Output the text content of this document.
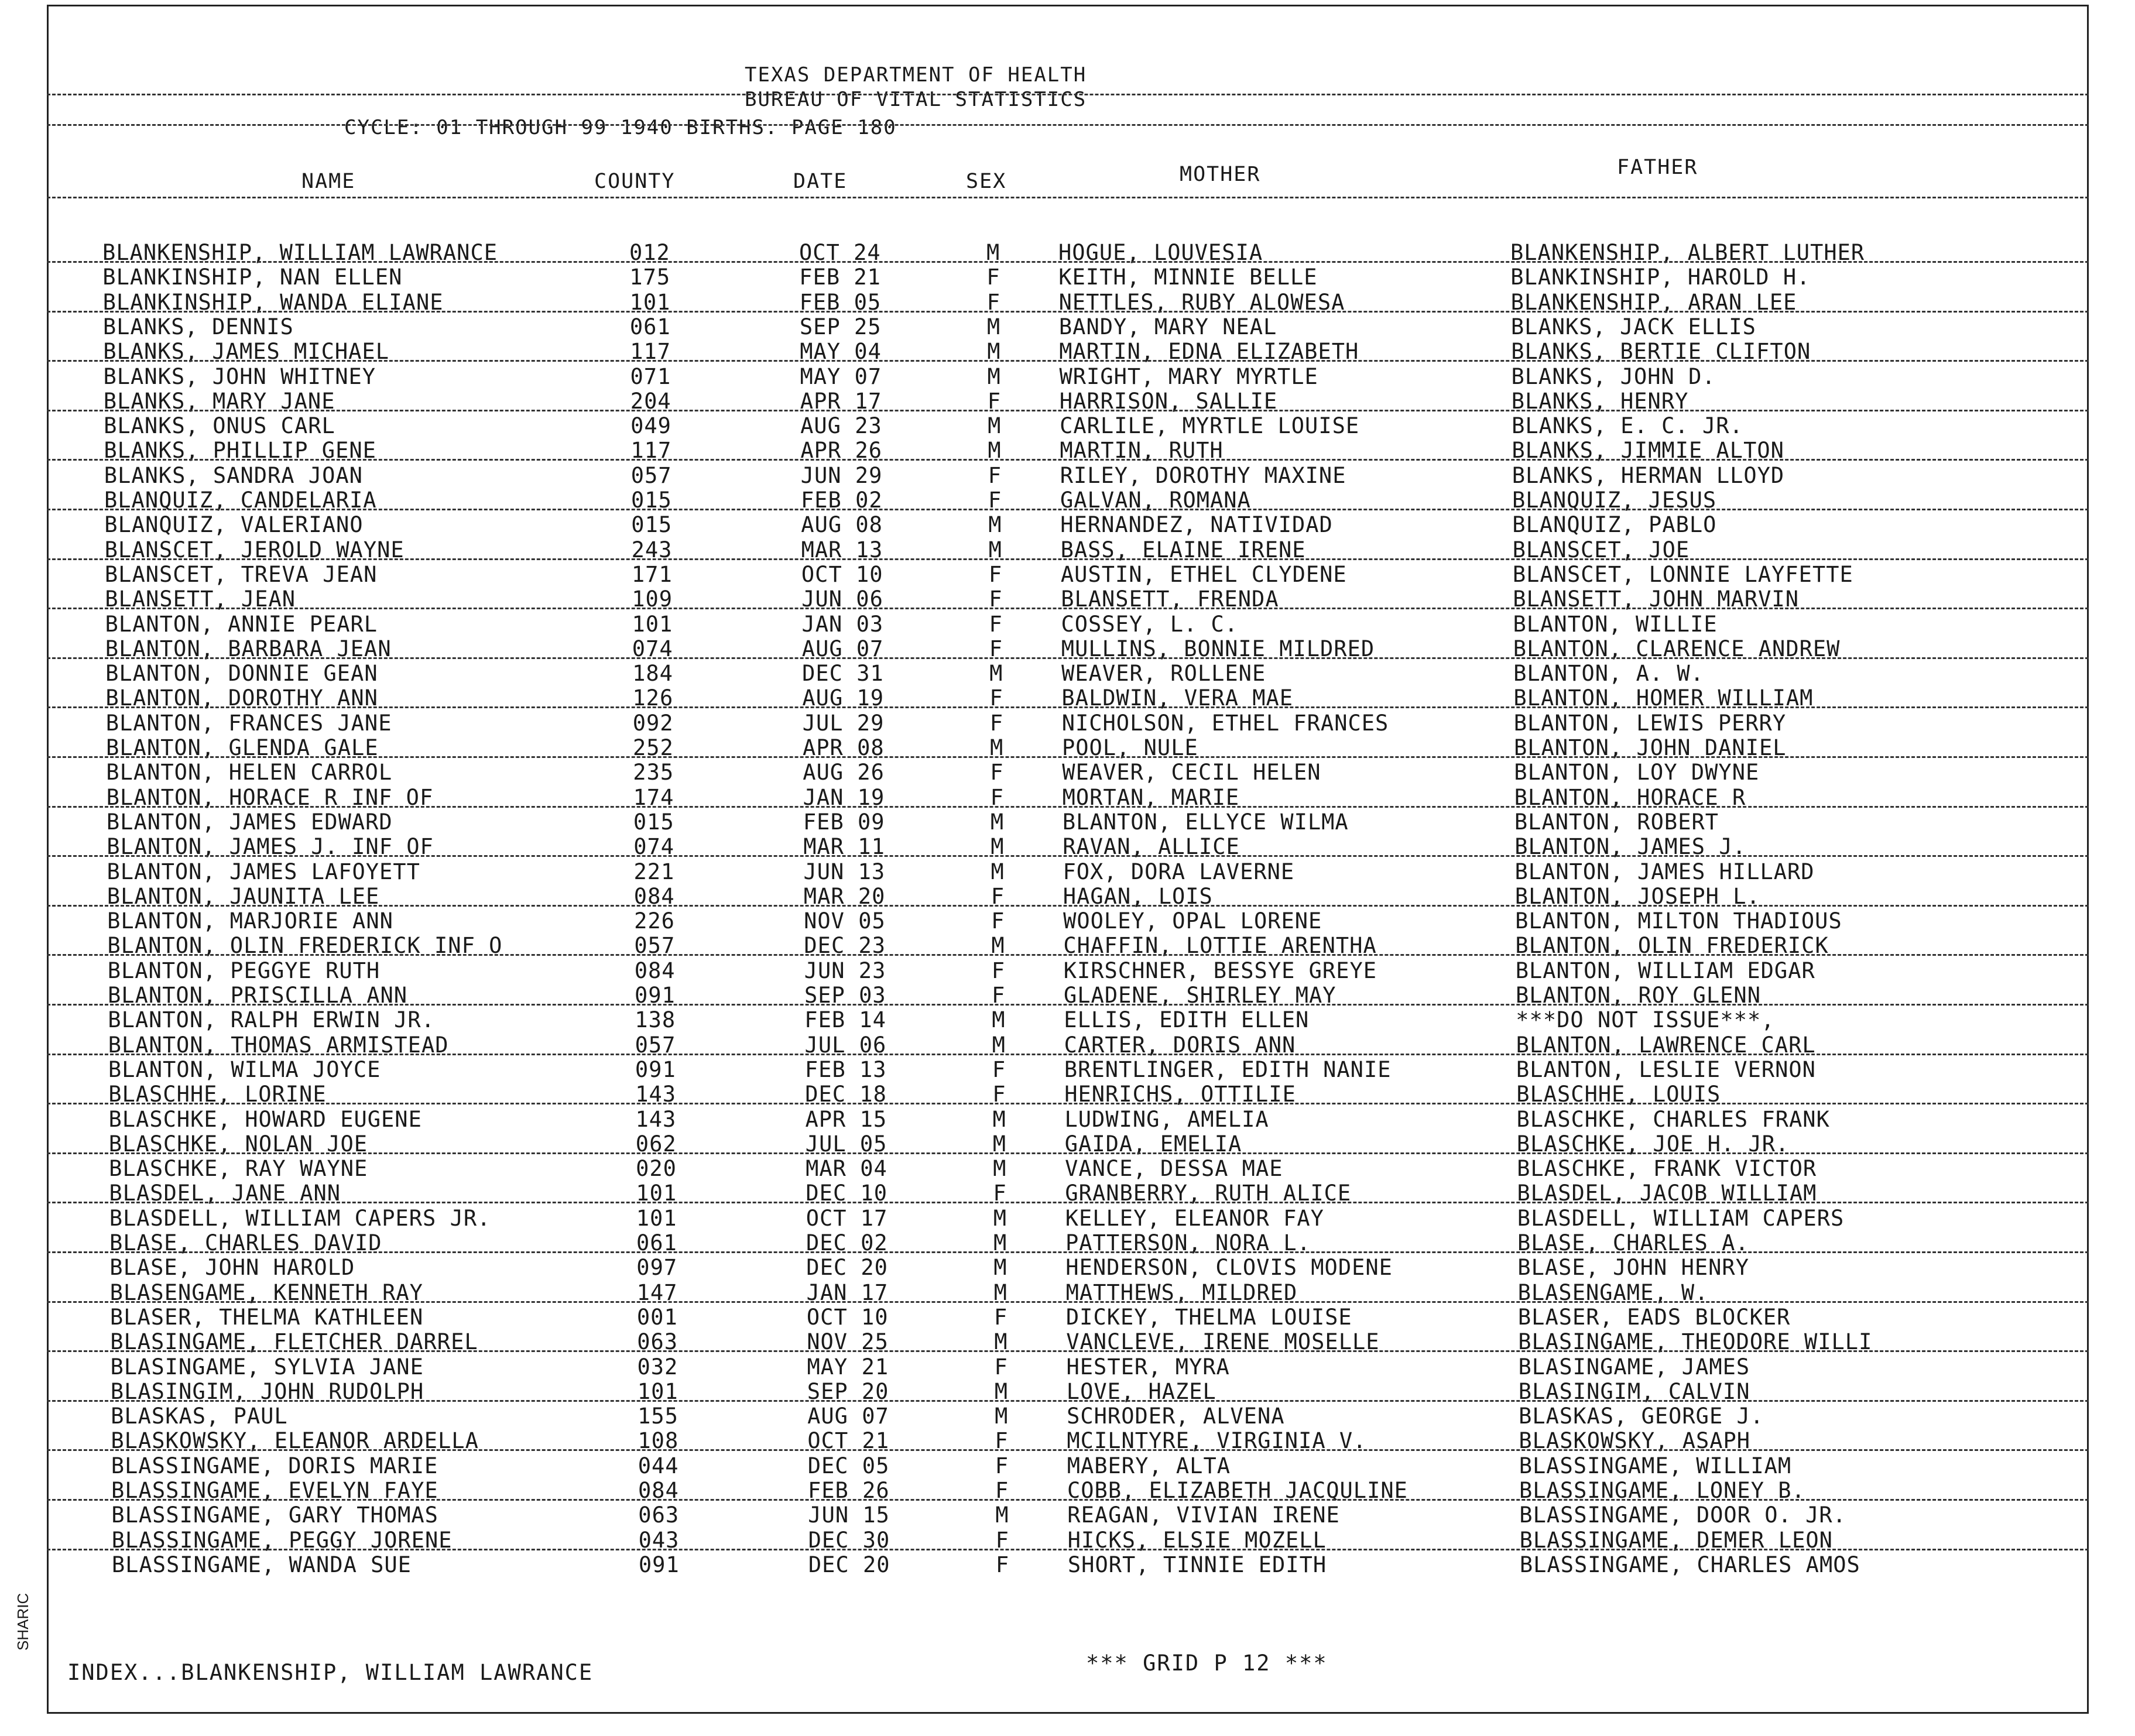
TEXAS DEPARTMENT OF HEALTH
BUREAU OF VITAL STATISTICS
CYCLE: 01 THROUGH 99 1940 BIRTHS. PAGE 180
NAME	COUNTY	DATE	SEX	MOTHER	FATHER
BLANKENSHIP, WILLIAM LAWRANCE	012	OCT 24	M	HOGUE, LOUVESIA	BLANKENSHIP, ALBERT LUTHER
BLANKINSHIP, NAN ELLEN	175	FEB 21	F	KEITH, MINNIE BELLE	BLANKINSHIP, HAROLD H.
BLANKINSHIP, WANDA ELIANE	101	FEB 05	F	NETTLES, RUBY ALOWESA	BLANKENSHIP, ARAN LEE
BLANKS, DENNIS	061	SEP 25	M	BANDY, MARY NEAL	BLANKS, JACK ELLIS
BLANKS, JAMES MICHAEL	117	MAY 04	M	MARTIN, EDNA ELIZABETH	BLANKS, BERTIE CLIFTON
BLANKS, JOHN WHITNEY	071	MAY 07	M	WRIGHT, MARY MYRTLE	BLANKS, JOHN D.
BLANKS, MARY JANE	204	APR 17	F	HARRISON, SALLIE	BLANKS, HENRY
BLANKS, ONUS CARL	049	AUG 23	M	CARLILE, MYRTLE LOUISE	BLANKS, E. C. JR.
BLANKS, PHILLIP GENE	117	APR 26	M	MARTIN, RUTH	BLANKS, JIMMIE ALTON
BLANKS, SANDRA JOAN	057	JUN 29	F	RILEY, DOROTHY MAXINE	BLANKS, HERMAN LLOYD
BLANQUIZ, CANDELARIA	015	FEB 02	F	GALVAN, ROMANA	BLANQUIZ, JESUS
BLANQUIZ, VALERIANO	015	AUG 08	M	HERNANDEZ, NATIVIDAD	BLANQUIZ, PABLO
BLANSCET, JEROLD WAYNE	243	MAR 13	M	BASS, ELAINE IRENE	BLANSCET, JOE
BLANSCET, TREVA JEAN	171	OCT 10	F	AUSTIN, ETHEL CLYDENE	BLANSCET, LONNIE LAYFETTE
BLANSETT, JEAN	109	JUN 06	F	BLANSETT, FRENDA	BLANSETT, JOHN MARVIN
BLANTON, ANNIE PEARL	101	JAN 03	F	COSSEY, L. C.	BLANTON, WILLIE
BLANTON, BARBARA JEAN	074	AUG 07	F	MULLINS, BONNIE MILDRED	BLANTON, CLARENCE ANDREW
BLANTON, DONNIE GEAN	184	DEC 31	M	WEAVER, ROLLENE	BLANTON, A. W.
BLANTON, DOROTHY ANN	126	AUG 19	F	BALDWIN, VERA MAE	BLANTON, HOMER WILLIAM
BLANTON, FRANCES JANE	092	JUL 29	F	NICHOLSON, ETHEL FRANCES	BLANTON, LEWIS PERRY
BLANTON, GLENDA GALE	252	APR 08	M	POOL, NULE	BLANTON, JOHN DANIEL
BLANTON, HELEN CARROL	235	AUG 26	F	WEAVER, CECIL HELEN	BLANTON, LOY DWYNE
BLANTON, HORACE R INF OF	174	JAN 19	F	MORTAN, MARIE	BLANTON, HORACE R
BLANTON, JAMES EDWARD	015	FEB 09	M	BLANTON, ELLYCE WILMA	BLANTON, ROBERT
BLANTON, JAMES J. INF OF	074	MAR 11	M	RAVAN, ALLICE	BLANTON, JAMES J.
BLANTON, JAMES LAFOYETT	221	JUN 13	M	FOX, DORA LAVERNE	BLANTON, JAMES HILLARD
BLANTON, JAUNITA LEE	084	MAR 20	F	HAGAN, LOIS	BLANTON, JOSEPH L.
BLANTON, MARJORIE ANN	226	NOV 05	F	WOOLEY, OPAL LORENE	BLANTON, MILTON THADIOUS
BLANTON, OLIN FREDERICK INF O	057	DEC 23	M	CHAFFIN, LOTTIE ARENTHA	BLANTON, OLIN FREDERICK
BLANTON, PEGGYE RUTH	084	JUN 23	F	KIRSCHNER, BESSYE GREYE	BLANTON, WILLIAM EDGAR
BLANTON, PRISCILLA ANN	091	SEP 03	F	GLADENE, SHIRLEY MAY	BLANTON, ROY GLENN
BLANTON, RALPH ERWIN JR.	138	FEB 14	M	ELLIS, EDITH ELLEN	***DO NOT ISSUE***,
BLANTON, THOMAS ARMISTEAD	057	JUL 06	M	CARTER, DORIS ANN	BLANTON, LAWRENCE CARL
BLANTON, WILMA JOYCE	091	FEB 13	F	BRENTLINGER, EDITH NANIE	BLANTON, LESLIE VERNON
BLASCHHE, LORINE	143	DEC 18	F	HENRICHS, OTTILIE	BLASCHHE, LOUIS
BLASCHKE, HOWARD EUGENE	143	APR 15	M	LUDWING, AMELIA	BLASCHKE, CHARLES FRANK
BLASCHKE, NOLAN JOE	062	JUL 05	M	GAIDA, EMELIA	BLASCHKE, JOE H. JR.
BLASCHKE, RAY WAYNE	020	MAR 04	M	VANCE, DESSA MAE	BLASCHKE, FRANK VICTOR
BLASDEL, JANE ANN	101	DEC 10	F	GRANBERRY, RUTH ALICE	BLASDEL, JACOB WILLIAM
BLASDELL, WILLIAM CAPERS JR.	101	OCT 17	M	KELLEY, ELEANOR FAY	BLASDELL, WILLIAM CAPERS
BLASE, CHARLES DAVID	061	DEC 02	M	PATTERSON, NORA L.	BLASE, CHARLES A.
BLASE, JOHN HAROLD	097	DEC 20	M	HENDERSON, CLOVIS MODENE	BLASE, JOHN HENRY
BLASENGAME, KENNETH RAY	147	JAN 17	M	MATTHEWS, MILDRED	BLASENGAME, W.
BLASER, THELMA KATHLEEN	001	OCT 10	F	DICKEY, THELMA LOUISE	BLASER, EADS BLOCKER
BLASINGAME, FLETCHER DARREL	063	NOV 25	M	VANCLEVE, IRENE MOSELLE	BLASINGAME, THEODORE WILLI
BLASINGAME, SYLVIA JANE	032	MAY 21	F	HESTER, MYRA	BLASINGAME, JAMES
BLASINGIM, JOHN RUDOLPH	101	SEP 20	M	LOVE, HAZEL	BLASINGIM, CALVIN
BLASKAS, PAUL	155	AUG 07	M	SCHRODER, ALVENA	BLASKAS, GEORGE J.
BLASKOWSKY, ELEANOR ARDELLA	108	OCT 21	F	MCILNTYRE, VIRGINIA V.	BLASKOWSKY, ASAPH
BLASSINGAME, DORIS MARIE	044	DEC 05	F	MABERY, ALTA	BLASSINGAME, WILLIAM
BLASSINGAME, EVELYN FAYE	084	FEB 26	F	COBB, ELIZABETH JACQULINE	BLASSINGAME, LONEY B.
BLASSINGAME, GARY THOMAS	063	JUN 15	M	REAGAN, VIVIAN IRENE	BLASSINGAME, DOOR O. JR.
BLASSINGAME, PEGGY JORENE	043	DEC 30	F	HICKS, ELSIE MOZELL	BLASSINGAME, DEMER LEON
BLASSINGAME, WANDA SUE	091	DEC 20	F	SHORT, TINNIE EDITH	BLASSINGAME, CHARLES AMOS
INDEX...BLANKENSHIP, WILLIAM LAWRANCE	*** GRID P 12 ***
SHARIC
